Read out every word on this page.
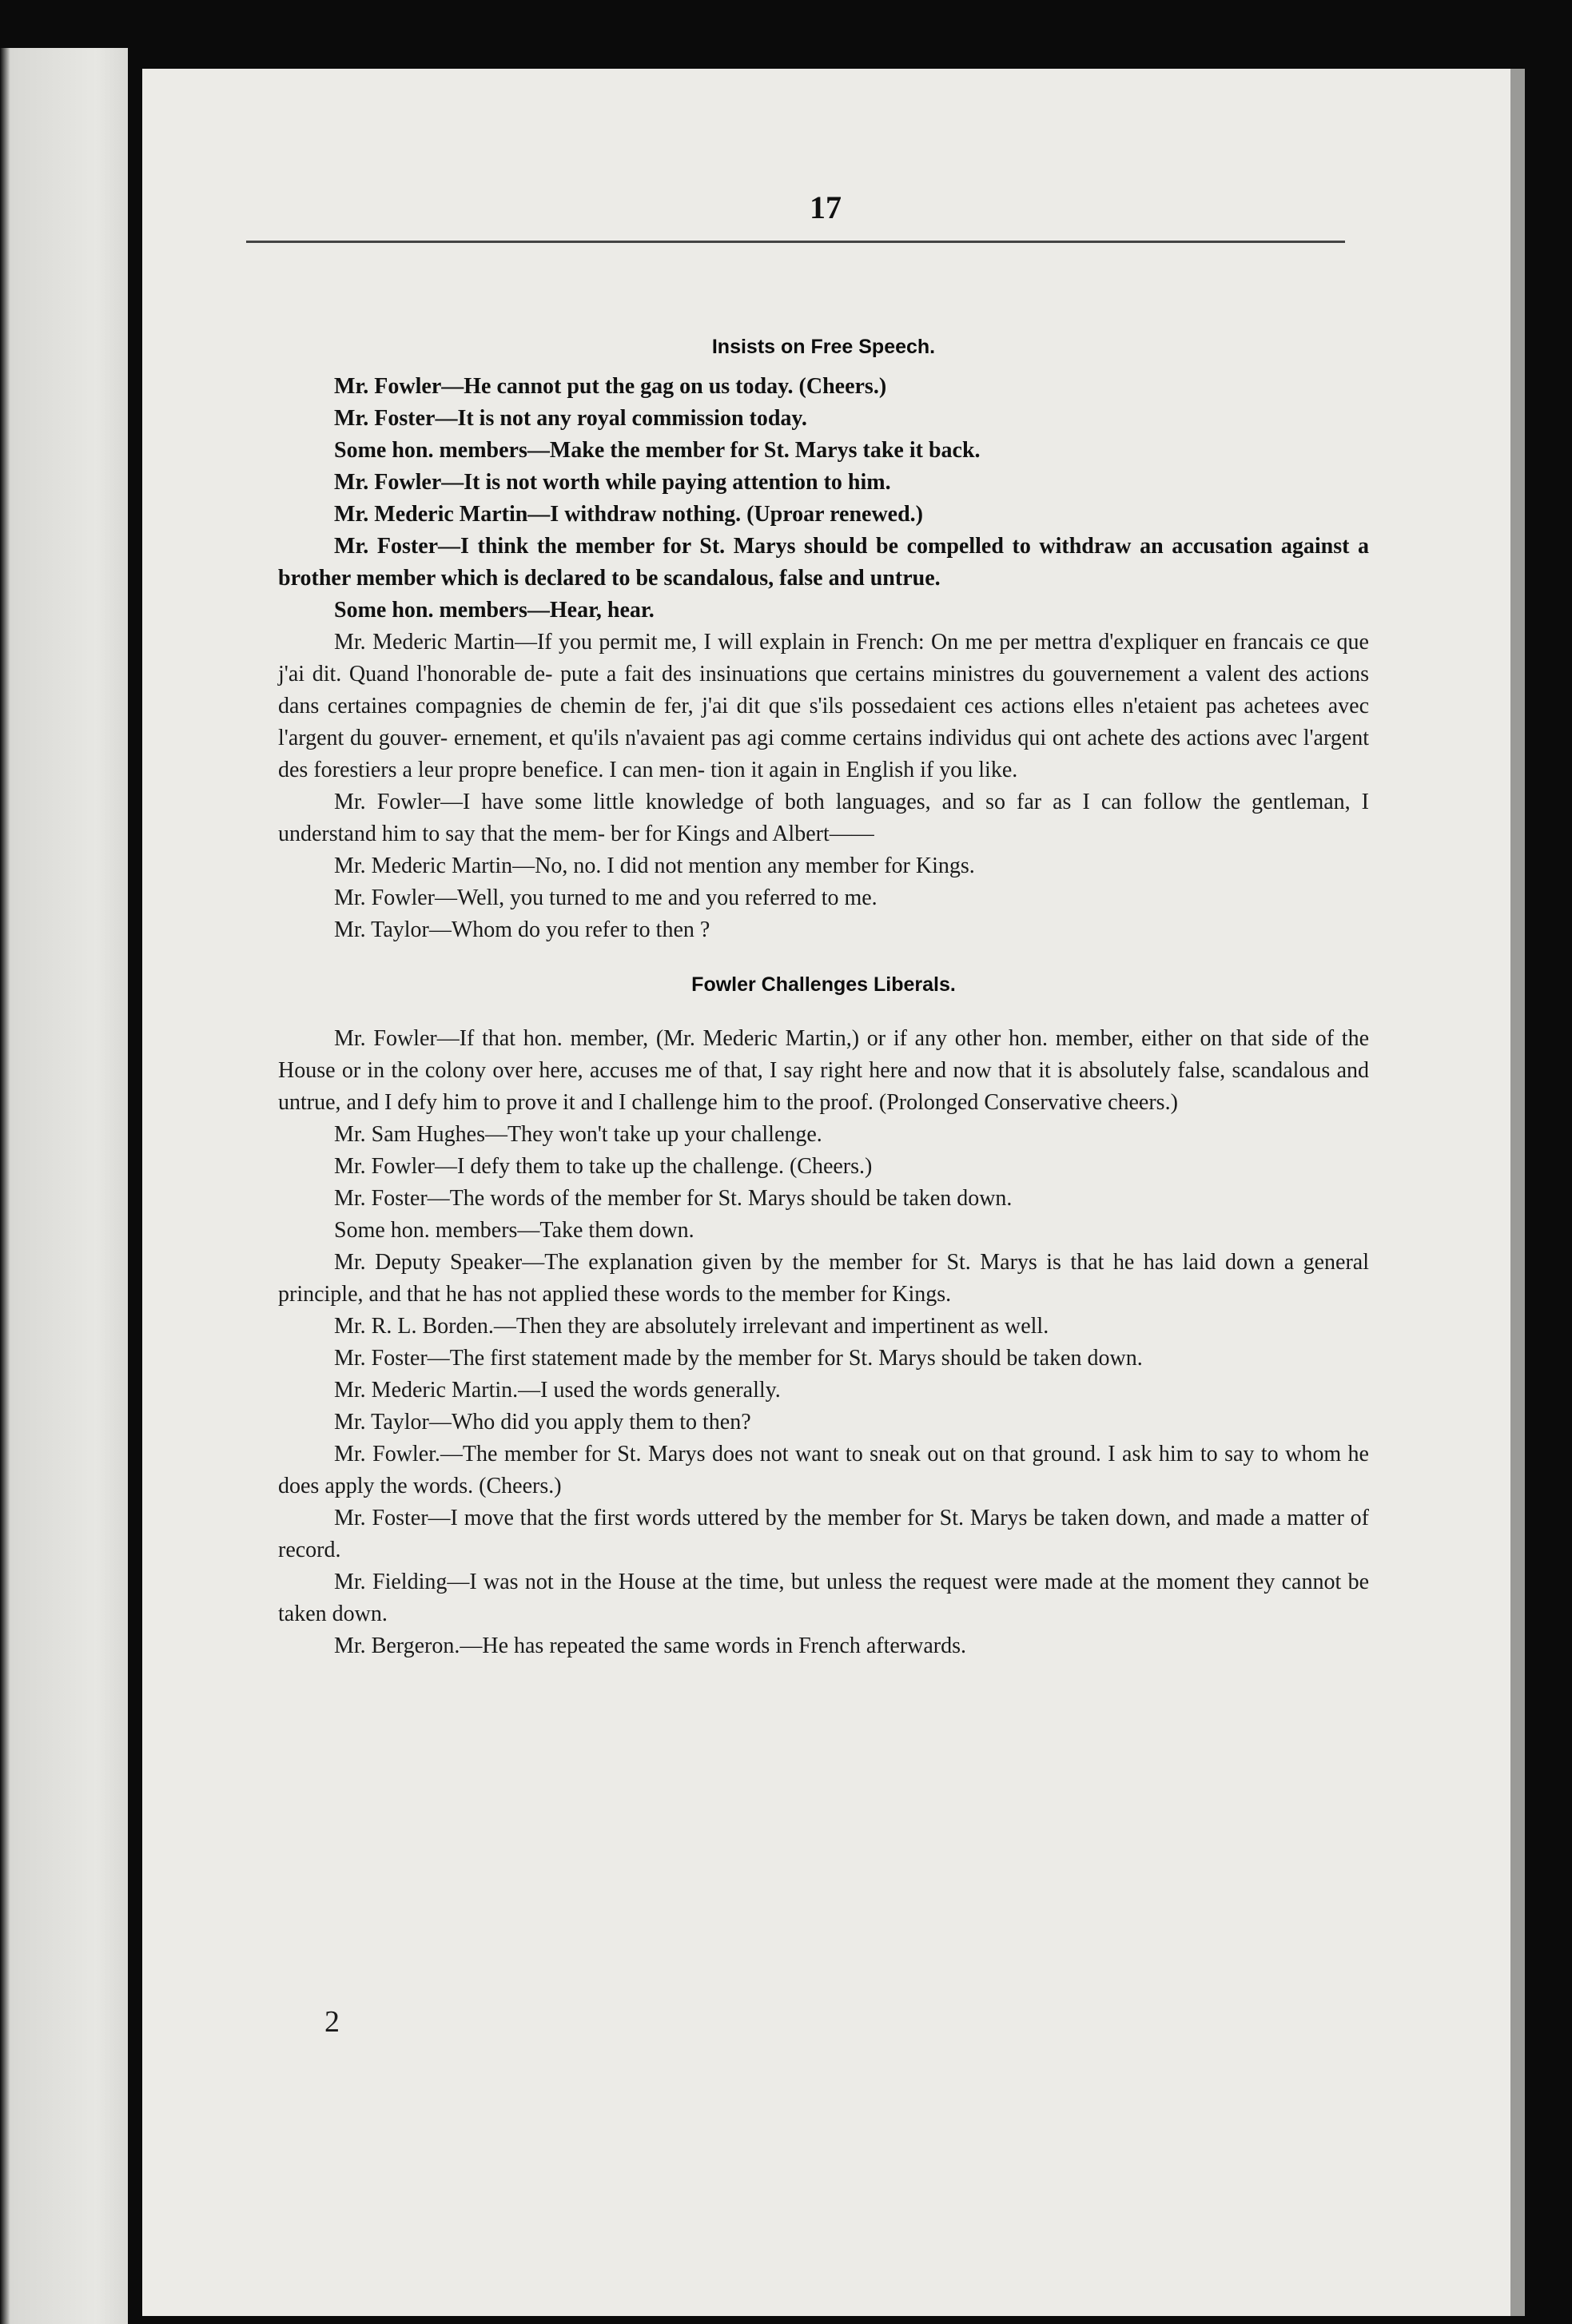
17
Insists on Free Speech.

Mr. Fowler—He cannot put the gag on us today. (Cheers.)

Mr. Foster—It is not any royal commission today.

Some hon. members—Make the member for St. Marys take it back.

Mr. Fowler—It is not worth while paying attention to him.

Mr. Mederic Martin—I withdraw nothing. (Uproar renewed.)

Mr. Foster—I think the member for St. Marys should be compelled to withdraw an accusation against a brother member which is declared to be scandalous, false and untrue.

Some hon. members—Hear, hear.

Mr. Mederic Martin—If you permit me, I will explain in French: On me per mettra d'expliquer en francais ce que j'ai dit. Quand l'honorable de- pute a fait des insinuations que certains ministres du gouvernement a valent des actions dans certaines compagnies de chemin de fer, j'ai dit que s'ils possedaient ces actions elles n'etaient pas achetees avec l'argent du gouver- ernement, et qu'ils n'avaient pas agi comme certains individus qui ont achete des actions avec l'argent des forestiers a leur propre benefice. I can men- tion it again in English if you like.

Mr. Fowler—I have some little knowledge of both languages, and so far as I can follow the gentleman, I understand him to say that the mem- ber for Kings and Albert——

Mr. Mederic Martin—No, no. I did not mention any member for Kings.

Mr. Fowler—Well, you turned to me and you referred to me.

Mr. Taylor—Whom do you refer to then ?

Fowler Challenges Liberals.

Mr. Fowler—If that hon. member, (Mr. Mederic Martin,) or if any other hon. member, either on that side of the House or in the colony over here, accuses me of that, I say right here and now that it is absolutely false, scandalous and untrue, and I defy him to prove it and I challenge him to the proof. (Prolonged Conservative cheers.)

Mr. Sam Hughes—They won't take up your challenge.

Mr. Fowler—I defy them to take up the challenge. (Cheers.)

Mr. Foster—The words of the member for St. Marys should be taken down.

Some hon. members—Take them down.

Mr. Deputy Speaker—The explanation given by the member for St. Marys is that he has laid down a general principle, and that he has not applied these words to the member for Kings.

Mr. R. L. Borden.—Then they are absolutely irrelevant and impertinent as well.

Mr. Foster—The first statement made by the member for St. Marys should be taken down.

Mr. Mederic Martin.—I used the words generally.

Mr. Taylor—Who did you apply them to then?

Mr. Fowler.—The member for St. Marys does not want to sneak out on that ground. I ask him to say to whom he does apply the words. (Cheers.)

Mr. Foster—I move that the first words uttered by the member for St. Marys be taken down, and made a matter of record.

Mr. Fielding—I was not in the House at the time, but unless the request were made at the moment they cannot be taken down.

Mr. Bergeron.—He has repeated the same words in French afterwards.

2
